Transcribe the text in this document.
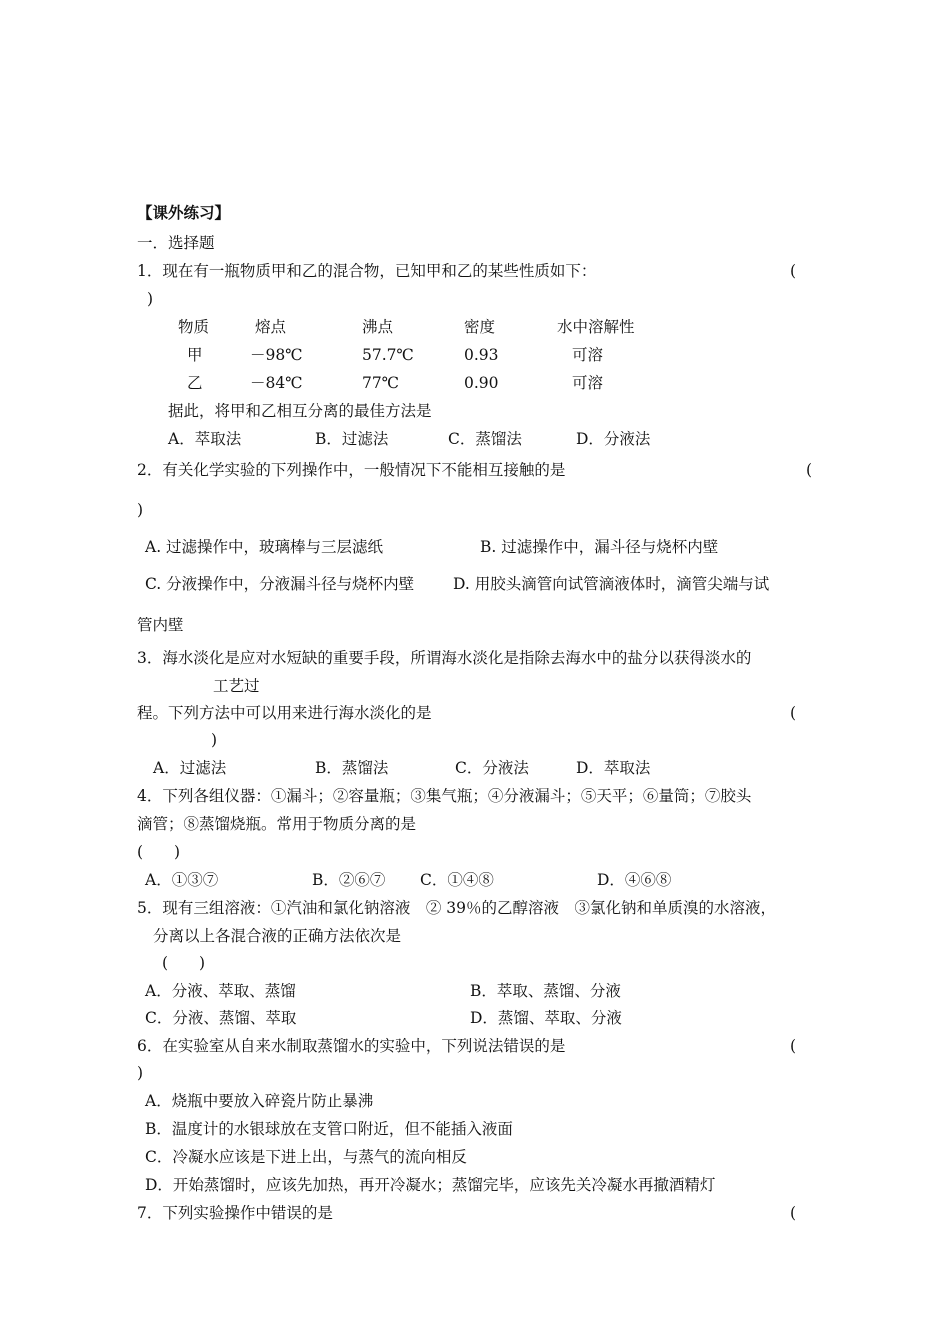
【课外练习】
一．选择题
1．现在有一瓶物质甲和乙的混合物，已知甲和乙的某些性质如下：	(
)
物质	熔点	沸点	密度	水中溶解性
甲	－98℃	57.7℃	0.93	可溶
乙	－84℃	77℃	0.90	可溶
据此，将甲和乙相互分离的最佳方法是
A．萃取法	B．过滤法	C．蒸馏法	D．分液法
2．有关化学实验的下列操作中，一般情况下不能相互接触的是	(
)
A. 过滤操作中，玻璃棒与三层滤纸	B. 过滤操作中，漏斗径与烧杯内壁
C. 分液操作中，分液漏斗径与烧杯内壁	D. 用胶头滴管向试管滴液体时，滴管尖端与试
管内壁
3．海水淡化是应对水短缺的重要手段，所谓海水淡化是指除去海水中的盐分以获得淡水的
工艺过
程。下列方法中可以用来进行海水淡化的是	(
)
A．过滤法	B．蒸馏法	C．分液法	D．萃取法
4．下列各组仪器：①漏斗；②容量瓶；③集气瓶；④分液漏斗；⑤天平；⑥量筒；⑦胶头
滴管；⑧蒸馏烧瓶。常用于物质分离的是
(　　)
A．①③⑦	B．②⑥⑦ C．①④⑧	D．④⑥⑧
5．现有三组溶液：①汽油和氯化钠溶液　② 39％的乙醇溶液　③氯化钠和单质溴的水溶液，
分离以上各混合液的正确方法依次是
(　　)
A．分液、萃取、蒸馏	B．萃取、蒸馏、分液
C．分液、蒸馏、萃取	D．蒸馏、萃取、分液
6．在实验室从自来水制取蒸馏水的实验中，下列说法错误的是	(
)
A．烧瓶中要放入碎瓷片防止暴沸
B．温度计的水银球放在支管口附近，但不能插入液面
C．冷凝水应该是下进上出，与蒸气的流向相反
D．开始蒸馏时，应该先加热，再开冷凝水；蒸馏完毕，应该先关冷凝水再撤酒精灯
7．下列实验操作中错误的是	(
